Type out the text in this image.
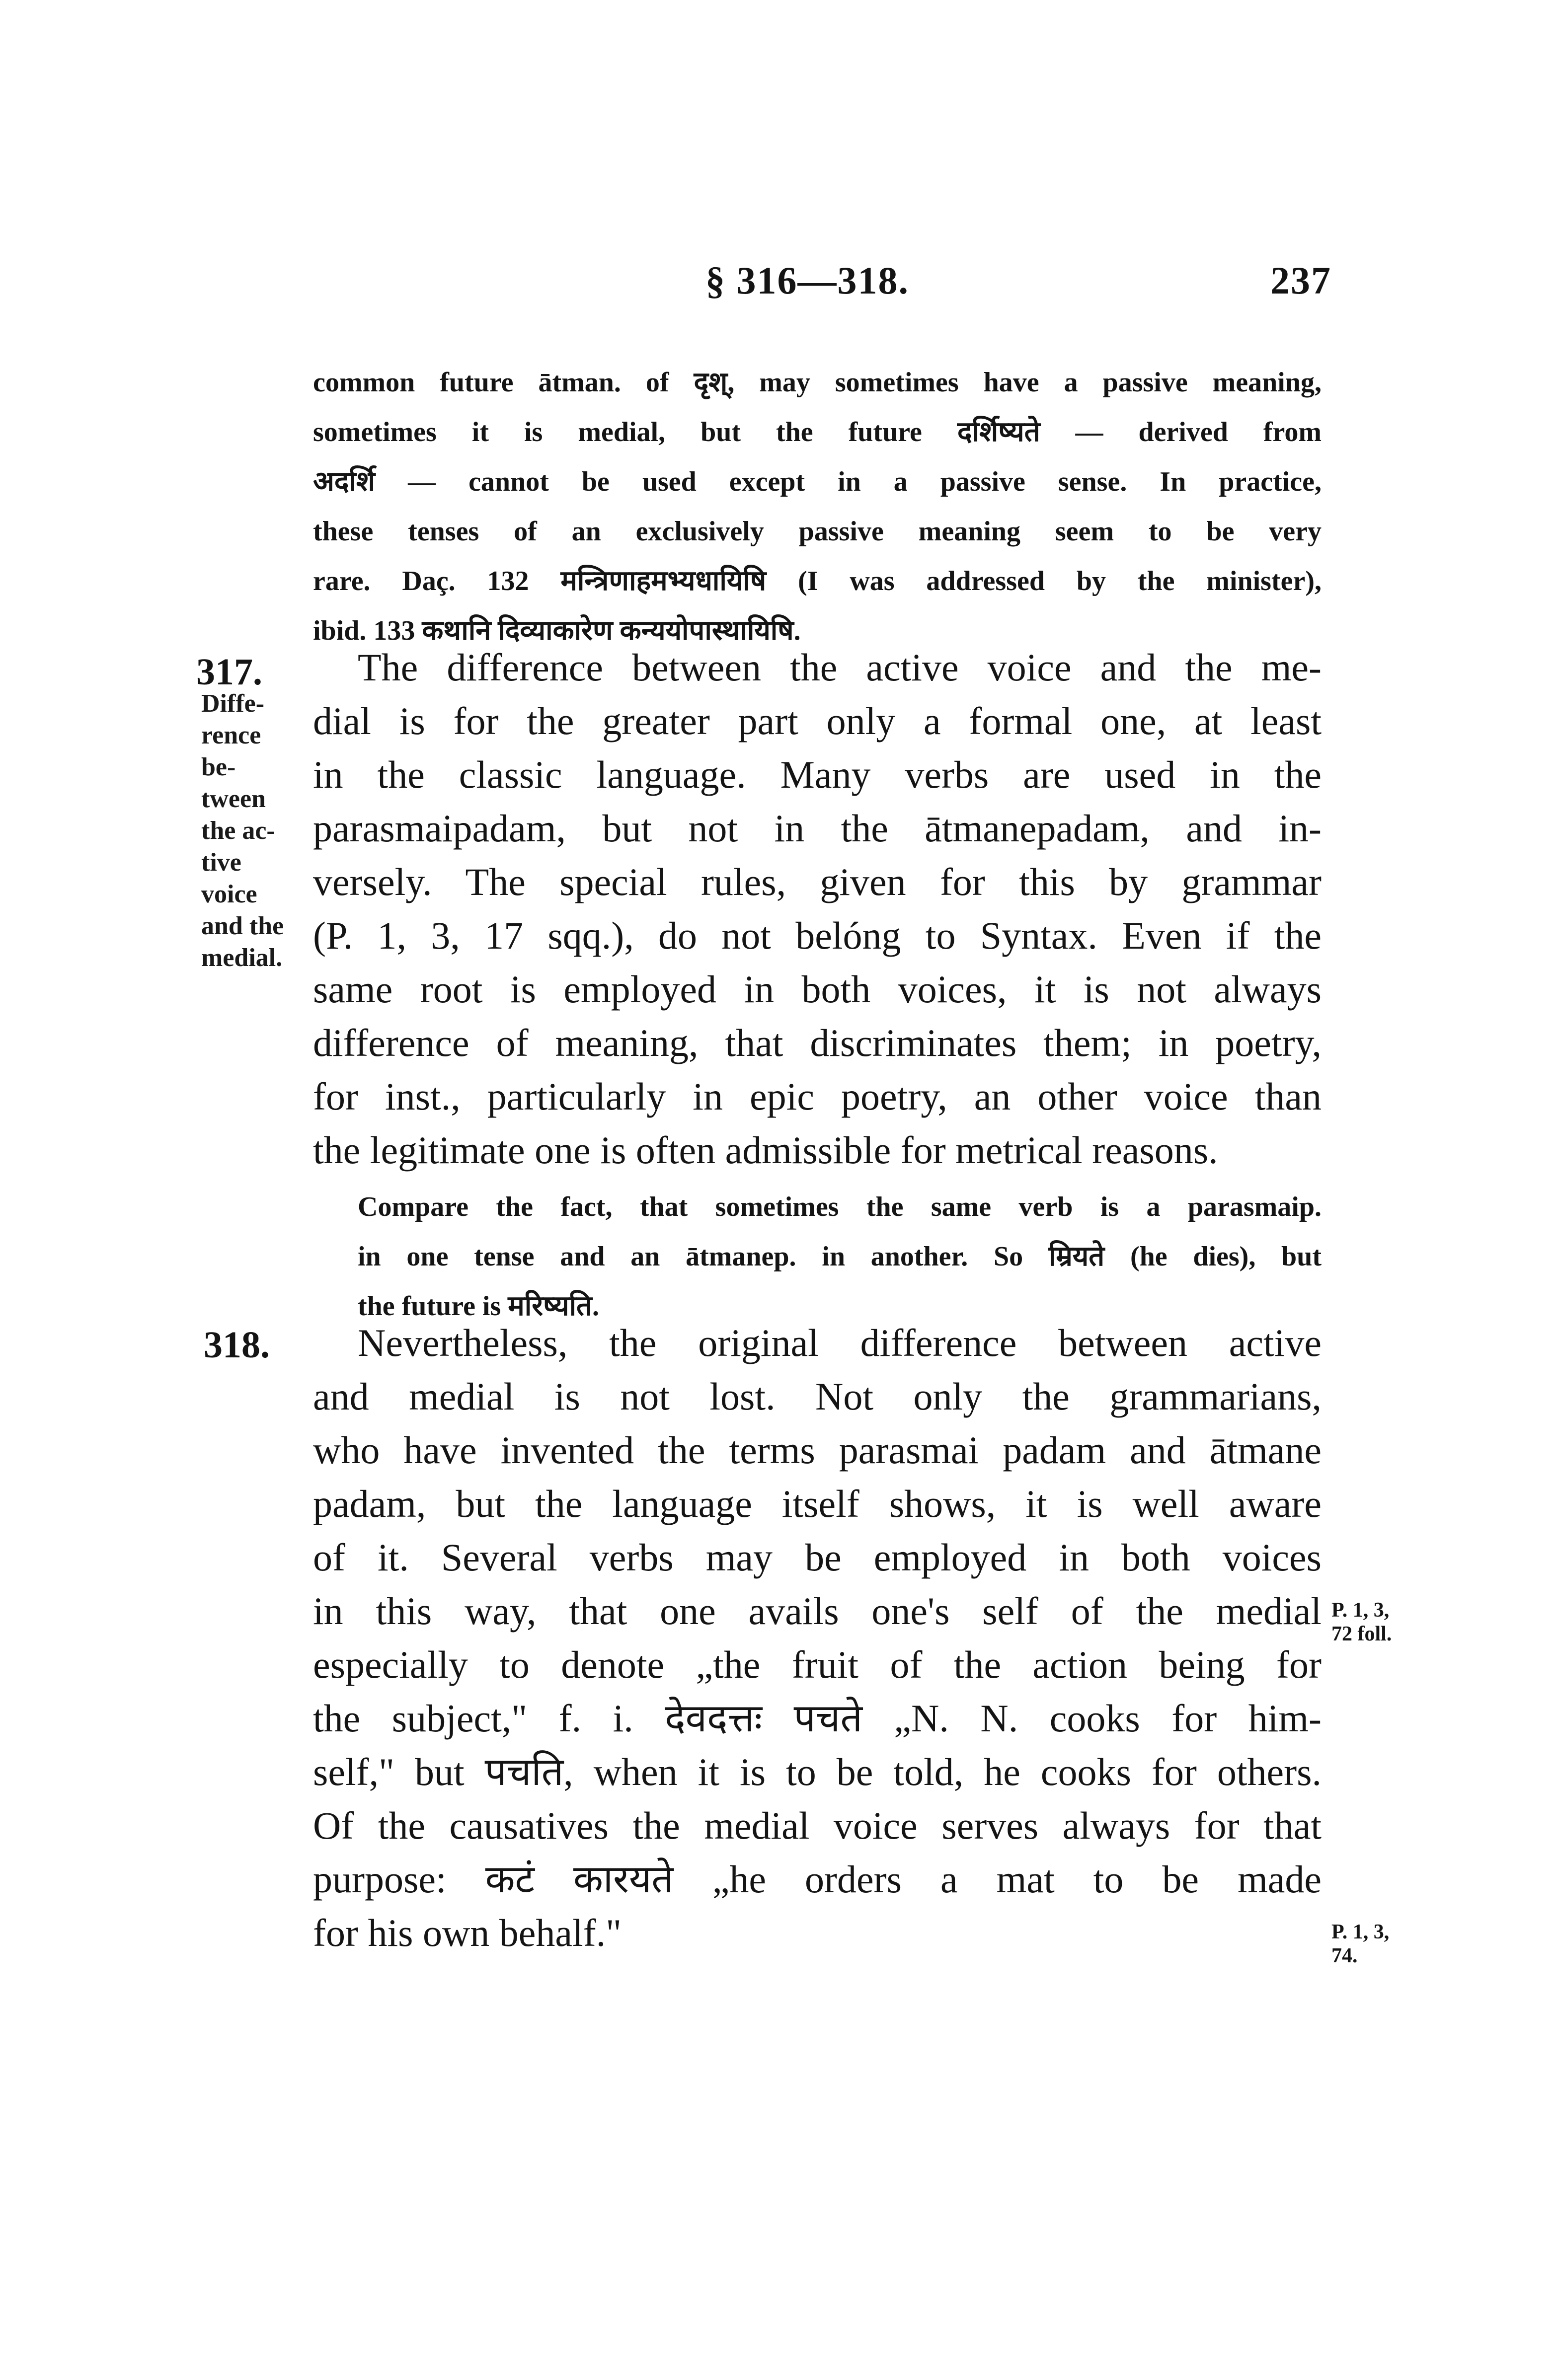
§ 316—318.	237
common future ātman. of दृश्, may sometimes have a passive meaning,
sometimes it is medial, but the future दर्शिष्यते — derived from
अदर्शि — cannot be used except in a passive sense. In practice,
these tenses of an exclusively passive meaning seem to be very
rare. Daç. 132 मन्त्रिणाहमभ्यधायिषि (I was addressed by the minister),
ibid. 133 कथानि दिव्याकारेण कन्ययोपास्थायिषि.
317.
Diffe-
rence
be-
tween
the ac-
tive
voice
and the
medial.
The difference between the active voice and the me-
dial is for the greater part only a formal one, at least
in the classic language. Many verbs are used in the
parasmaipadam, but not in the ātmanepadam, and in-
versely. The special rules, given for this by grammar
(P. 1, 3, 17 sqq.), do not belóng to Syntax. Even if the
same root is employed in both voices, it is not always
difference of meaning, that discriminates them; in poetry,
for inst., particularly in epic poetry, an other voice than
the legitimate one is often admissible for metrical reasons.
Compare the fact, that sometimes the same verb is a parasmaip.
in one tense and an ātmanep. in another. So म्रियते (he dies), but
the future is मरिष्यति.
318.	Nevertheless, the original difference between active
and medial is not lost. Not only the grammarians,
who have invented the terms parasmai padam and ātmane
padam, but the language itself shows, it is well aware
of it. Several verbs may be employed in both voices
in this way, that one avails one's self of the medial
especially to denote „the fruit of the action being for
the subject," f. i. देवदत्तः पचते „N. N. cooks for him-
self," but पचति, when it is to be told, he cooks for others.
Of the causatives the medial voice serves always for that
purpose: कटं कारयते „he orders a mat to be made
for his own behalf."
P. 1, 3,
72 foll.
P. 1, 3,
74.
